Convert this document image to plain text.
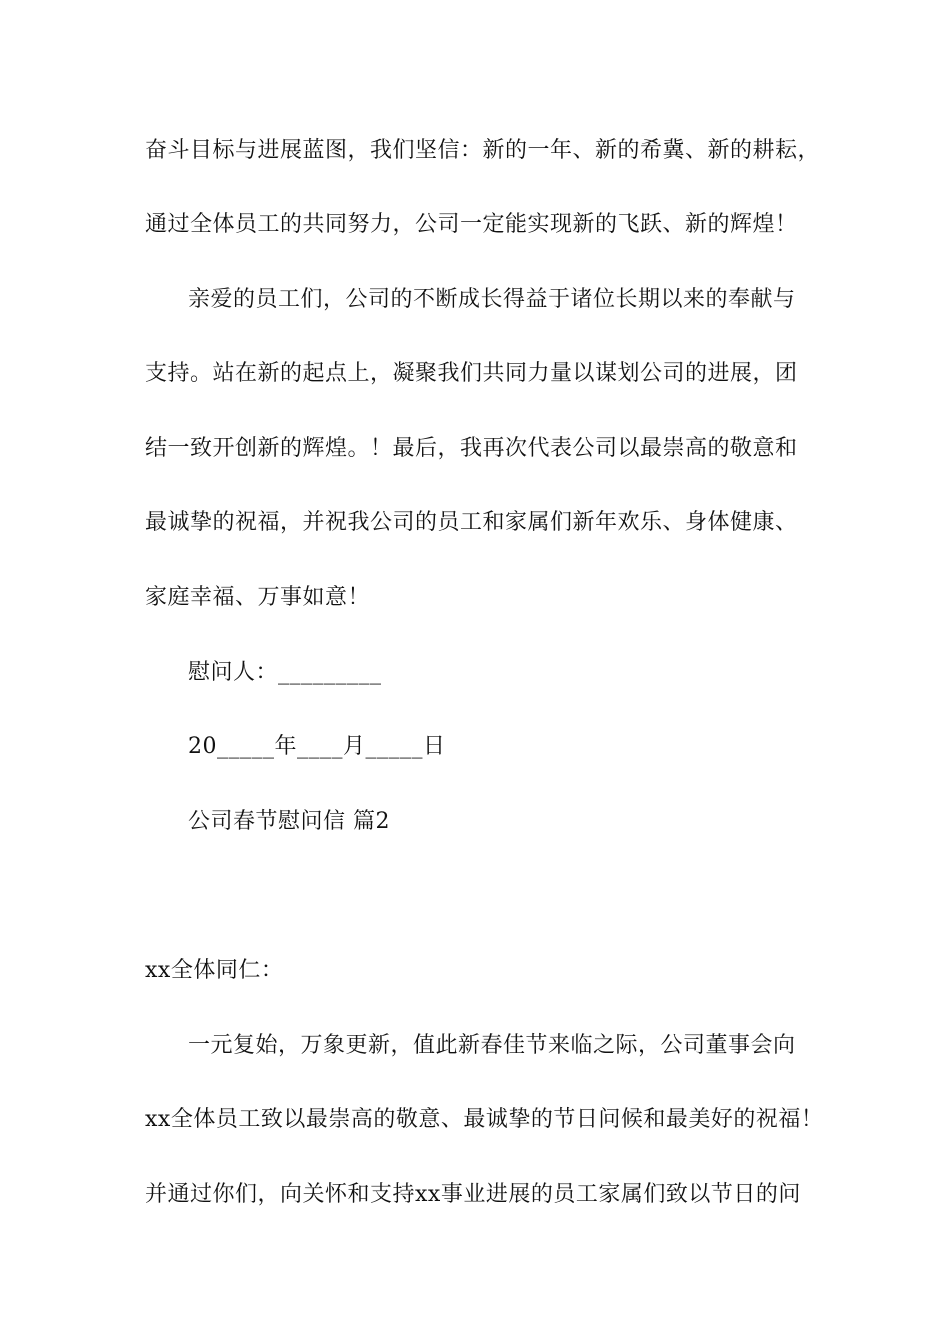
奋斗目标与进展蓝图，我们坚信：新的一年、新的希冀、新的耕耘，
通过全体员工的共同努力，公司一定能实现新的飞跃、新的辉煌！
亲爱的员工们，公司的不断成长得益于诸位长期以来的奉献与
支持。站在新的起点上，凝聚我们共同力量以谋划公司的进展，团
结一致开创新的辉煌。！最后，我再次代表公司以最崇高的敬意和
最诚挚的祝福，并祝我公司的员工和家属们新年欢乐、身体健康、
家庭幸福、万事如意！
慰问人：_________
20_____年____月_____日
公司春节慰问信 篇2
xx全体同仁：
一元复始，万象更新，值此新春佳节来临之际，公司董事会向
xx全体员工致以最崇高的敬意、最诚挚的节日问候和最美好的祝福！
并通过你们，向关怀和支持xx事业进展的员工家属们致以节日的问
